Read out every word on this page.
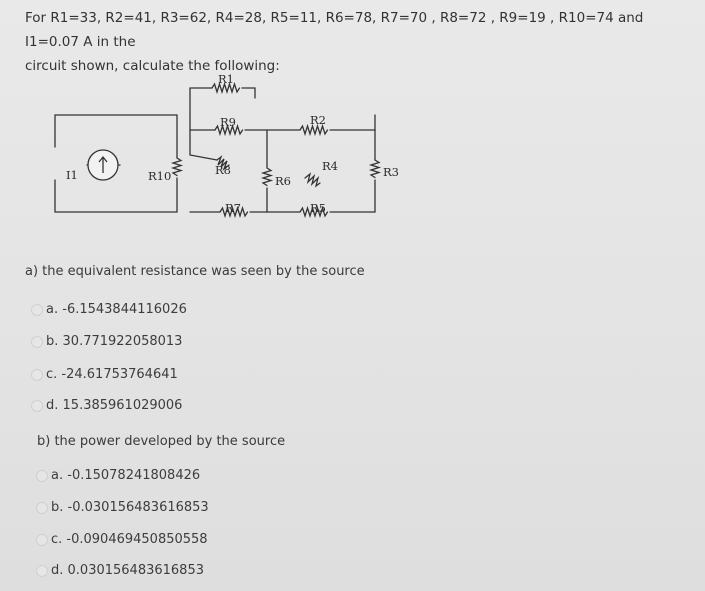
For R1=33, R2=41, R3=62, R4=28, R5=11, R6=78, R7=70 , R8=72 , R9=19 , R10=74 and I1=0.07 A in the
circuit shown, calculate the following:
I1	R10
R1
R9
R8
R6
R7
R2
R4
R5
R3
a) the equivalent resistance was seen by the source
a.
-6.1543844116026
b.
30.771922058013
c.
-24.61753764641
d.
15.385961029006
b) the power developed by the source
a.
-0.15078241808426
b.
-0.030156483616853
c.
-0.090469450850558
d.
0.030156483616853
